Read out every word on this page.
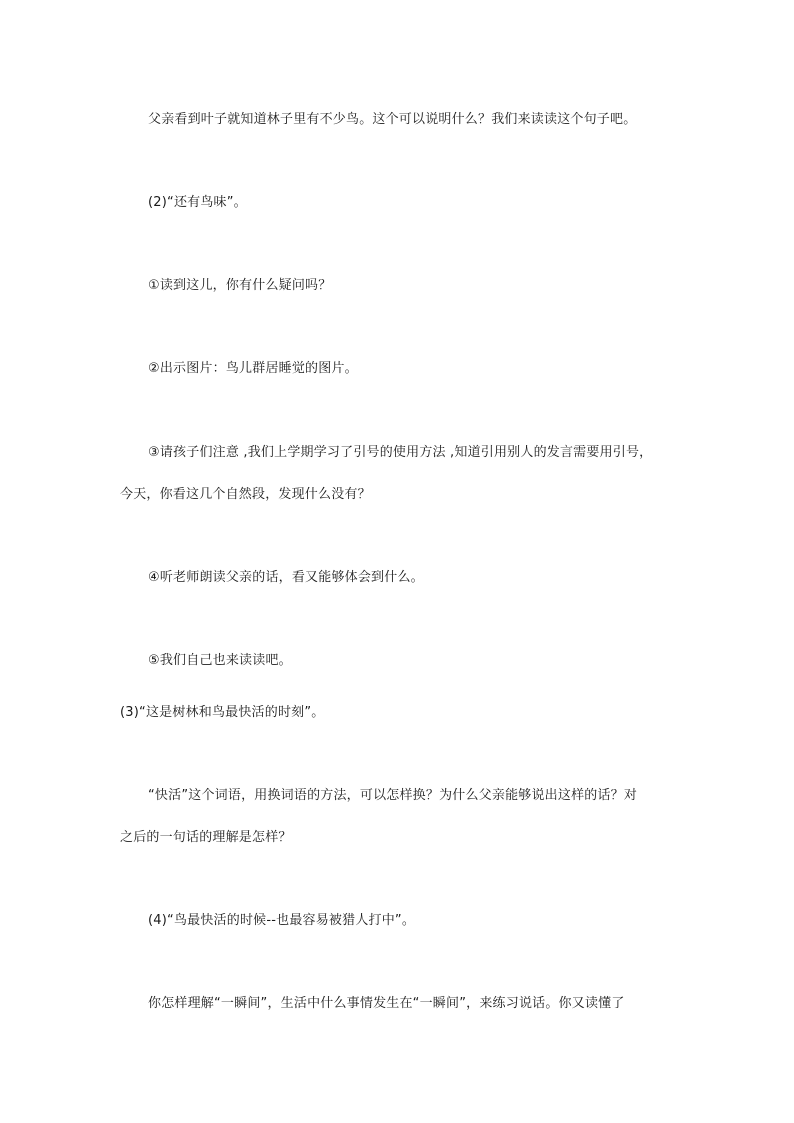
父亲看到叶子就知道林子里有不少鸟。这个可以说明什么？我们来读读这个句子吧。
(2)“还有鸟味”。
①读到这儿，你有什么疑问吗？
②出示图片：鸟儿群居睡觉的图片。
③请孩子们注意 ,我们上学期学习了引号的使用方法 ,知道引用别人的发言需要用引号，
今天，你看这几个自然段，发现什么没有？
④听老师朗读父亲的话，看又能够体会到什么。
⑤我们自己也来读读吧。
(3)“这是树林和鸟最快活的时刻”。
“快活”这个词语，用换词语的方法，可以怎样换？为什么父亲能够说出这样的话？对
之后的一句话的理解是怎样？
(4)“鸟最快活的时候--也最容易被猎人打中”。
你怎样理解“一瞬间”，生活中什么事情发生在“一瞬间”，来练习说话。你又读懂了
